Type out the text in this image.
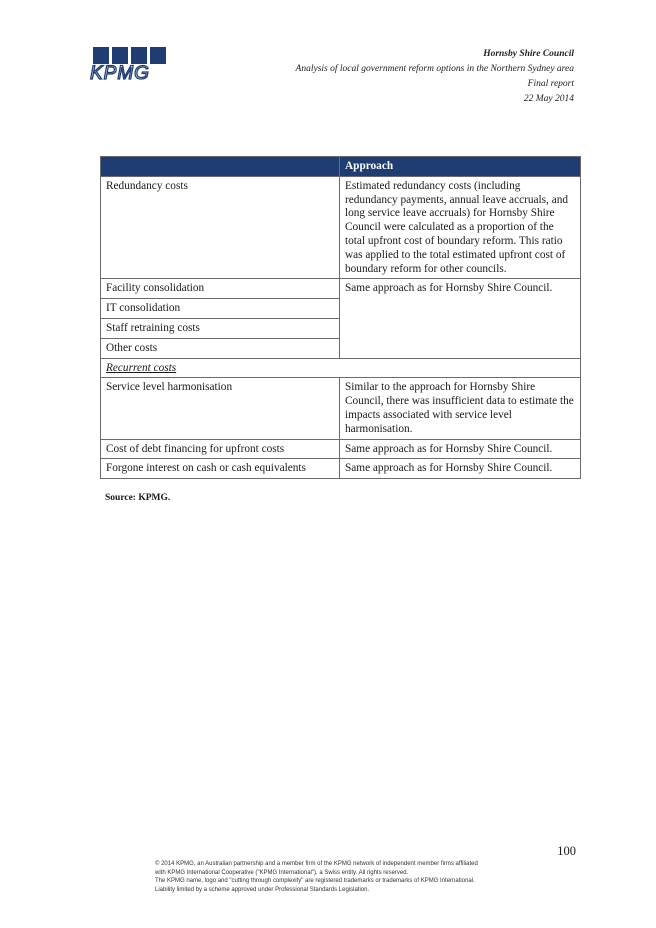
KPMG
Hornsby Shire Council
Analysis of local government reform options in the Northern Sydney area
Final report
22 May 2014
	Approach
Redundancy costs	Estimated redundancy costs (including redundancy payments, annual leave accruals, and long service leave accruals) for Hornsby Shire Council were calculated as a proportion of the total upfront cost of boundary reform. This ratio was applied to the total estimated upfront cost of boundary reform for other councils.
Facility consolidation	Same approach as for Hornsby Shire Council.
IT consolidation	
Staff retraining costs	
Other costs	
Recurrent costs	
Service level harmonisation	Similar to the approach for Hornsby Shire Council, there was insufficient data to estimate the impacts associated with service level harmonisation.
Cost of debt financing for upfront costs	Same approach as for Hornsby Shire Council.
Forgone interest on cash or cash equivalents	Same approach as for Hornsby Shire Council.
Source: KPMG.
100
© 2014 KPMG, an Australian partnership and a member firm of the KPMG network of independent member firms affiliated
with KPMG International Cooperative ("KPMG International"), a Swiss entity. All rights reserved.
The KPMG name, logo and "cutting through complexity" are registered trademarks or trademarks of KPMG International.
Liability limited by a scheme approved under Professional Standards Legislation.
